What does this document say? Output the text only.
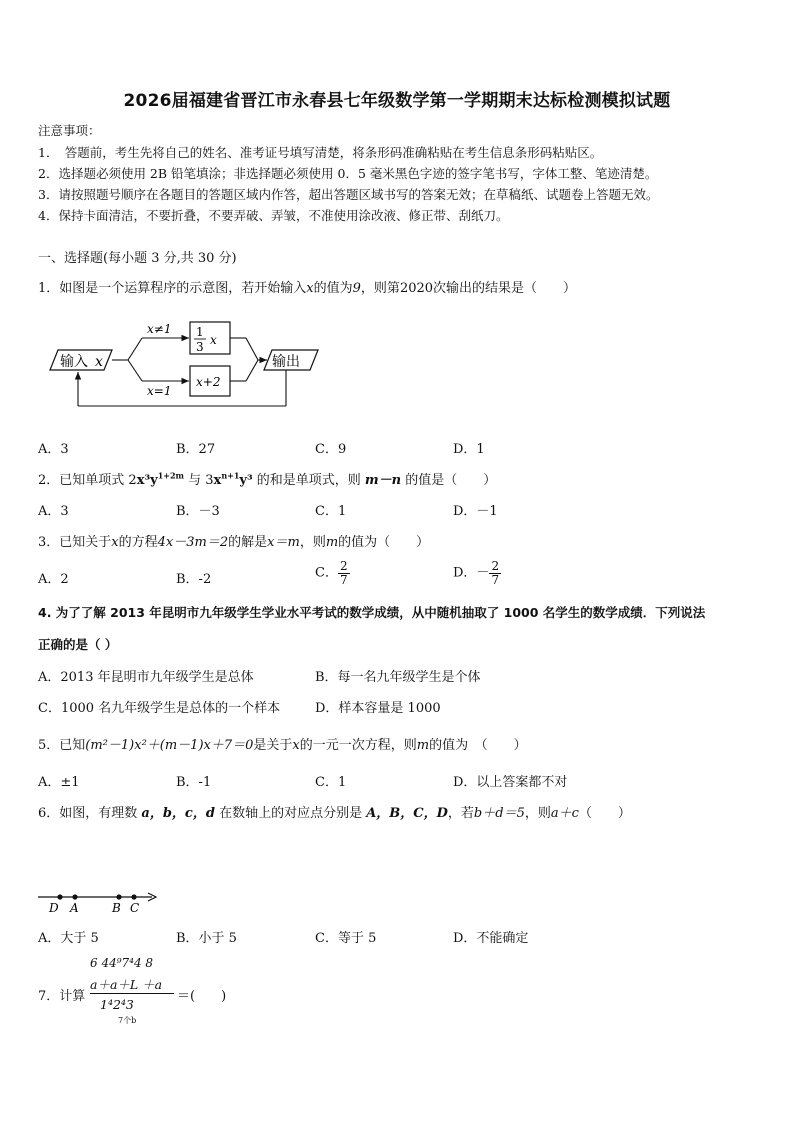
2026届福建省晋江市永春县七年级数学第一学期期末达标检测模拟试题
注意事项：
1．　答题前，考生先将自己的姓名、准考证号填写清楚，将条形码准确粘贴在考生信息条形码粘贴区。
2．选择题必须使用 2B 铅笔填涂；非选择题必须使用 0．5 毫米黑色字迹的签字笔书写，字体工整、笔迹清楚。
3．请按照题号顺序在各题目的答题区域内作答，超出答题区域书写的答案无效；在草稿纸、试题卷上答题无效。
4．保持卡面清洁，不要折叠，不要弄破、弄皱，不准使用涂改液、修正带、刮纸刀。
一、选择题(每小题 3 分,共 30 分)
1．如图是一个运算程序的示意图，若开始输入x的值为9，则第2020次输出的结果是（　　）
输入 x	输出
1
3 x
x+2
x≠1
x=1
A．3	B．27	C．9	D．1
2．已知单项式 $2x^3y^{1+2m}$ 与 $3x^{n+1}y^3$ 的和是单项式，则 m－n 的值是（　　）
A．3	B．－3	C．1	D．－1
3．已知关于x的方程4x－3m＝2的解是x＝m，则m的值为（　　）
A．2	B．-2	C． $\frac{2}{7}$	D．－ $\frac{2}{7}$
4. 为了了解 2013 年昆明市九年级学生学业水平考试的数学成绩，从中随机抽取了 1000 名学生的数学成绩．下列说法
正确的是（ ）
A．2013 年昆明市九年级学生是总体	B．每一名九年级学生是个体
C．1000 名九年级学生是总体的一个样本	D．样本容量是 1000
5．已知(m²－1)x²＋(m－1)x＋7＝0是关于x的一元一次方程，则m的值为　（　　）
A．±1	B．-1	C．1	D．以上答案都不对
6．如图，有理数 a，b，c，d 在数轴上的对应点分别是 A，B，C，D，若b＋d＝5，则a＋c（　　）
D A	B C
A．大于 5	B．小于 5	C．等于 5	D．不能确定
7．计算
6 44⁹7⁴4 8
a＋a＋L ＋a
1⁴2⁴3
7个b
＝(　　)
